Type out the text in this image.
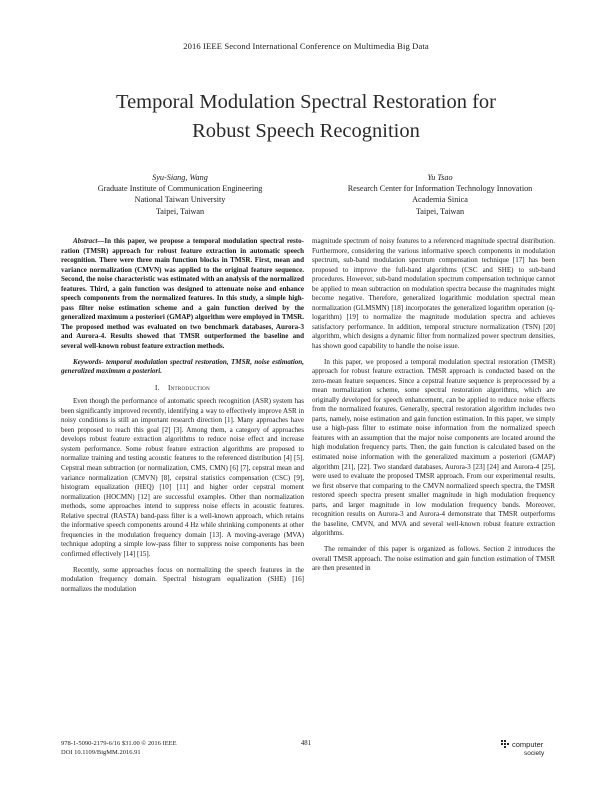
2016 IEEE Second International Conference on Multimedia Big Data
Temporal Modulation Spectral Restoration for
Robust Speech Recognition
Syu-Siang, Wang
Graduate Institute of Communication Engineering
National Taiwan University
Taipei, Taiwan
Yu Tsao
Research Center for Information Technology Innovation
Academia Sinica
Taipei, Taiwan

Abstract—In this paper, we propose a temporal modulation spectral resto-ration (TMSR) approach for robust feature extraction in automatic speech recognition. There were three main function blocks in TMSR. First, mean and variance normalization (CMVN) was applied to the original feature sequence. Second, the noise characteristic was estimated with an analysis of the normalized features. Third, a gain function was designed to attenuate noise and enhance speech components from the normalized features. In this study, a simple high-pass filter noise estimation scheme and a gain function derived by the generalized maximum a posteriori (GMAP) algorithm were employed in TMSR. The proposed method was evaluated on two benchmark databases, Aurora-3 and Aurora-4. Results showed that TMSR outperformed the baseline and several well-known robust feature extraction methods.

Keywords- temporal modulation spectral restoration, TMSR, noise estimation, generalized maximum a posteriori.

I. Introduction

Even though the performance of automatic speech recognition (ASR) system has been significantly improved recently, identifying a way to effectively improve ASR in noisy conditions is still an important research direction [1]. Many approaches have been proposed to reach this goal [2] [3]. Among them, a category of approaches develops robust feature extraction algorithms to reduce noise effect and increase system performance. Some robust feature extraction algorithms are proposed to normalize training and testing acoustic features to the referenced distribution [4] [5]. Cepstral mean subtraction (or normalization, CMS, CMN) [6] [7], cepstral mean and variance normalization (CMVN) [8], cepstral statistics compensation (CSC) [9], histogram equalization (HEQ) [10] [11] and higher order cepstral moment normalization (HOCMN) [12] are successful examples. Other than normalization methods, some approaches intend to suppress noise effects in acoustic features. Relative spectral (RASTA) band-pass filter is a well-known approach, which retains the informative speech components around 4 Hz while shrinking components at other frequencies in the modulation frequency domain [13]. A moving-average (MVA) technique adopting a simple low-pass filter to suppress noise components has been confirmed effectively [14] [15].

Recently, some approaches focus on normalizing the speech features in the modulation frequency domain. Spectral histogram equalization (SHE) [16] normalizes the modulation

magnitude spectrum of noisy features to a referenced magnitude spectral distribution. Furthermore, considering the various informative speech components in modulation spectrum, sub-band modulation spectrum compensation technique [17] has been proposed to improve the full-band algorithms (CSC and SHE) to sub-band procedures. However, sub-band modulation spectrum compensation technique cannot be applied to mean subtraction on modulation spectra because the magnitudes might become negative. Therefore, generalized logarithmic modulation spectral mean normalization (GLMSMN) [18] incorporates the generalized logarithm operation (q-logarithm) [19] to normalize the magnitude modulation spectra and achieves satisfactory performance. In addition, temporal structure normalization (TSN) [20] algorithm, which designs a dynamic filter from normalized power spectrum densities, has shown good capability to handle the noise issue.

In this paper, we proposed a temporal modulation spectral restoration (TMSR) approach for robust feature extraction. TMSR approach is conducted based on the zero-mean feature sequences. Since a cepstral feature sequence is preprocessed by a mean normalization scheme, some spectral restoration algorithms, which are originally developed for speech enhancement, can be applied to reduce noise effects from the normalized features. Generally, spectral restoration algorithm includes two parts, namely, noise estimation and gain function estimation. In this paper, we simply use a high-pass filter to estimate noise information from the normalized speech features with an assumption that the major noise components are located around the high modulation frequency parts. Then, the gain function is calculated based on the estimated noise information with the generalized maximum a posteriori (GMAP) algorithm [21], [22]. Two standard databases, Aurora-3 [23] [24] and Aurora-4 [25], were used to evaluate the proposed TMSR approach. From our experimental results, we first observe that comparing to the CMVN normalized speech spectra, the TMSR restored speech spectra present smaller magnitude in high modulation frequency parts, and larger magnitude in low modulation frequency bands. Moreover, recognition results on Aurora-3 and Aurora-4 demonstrate that TMSR outperforms the baseline, CMVN, and MVA and several well-known robust feature extraction algorithms.

The remainder of this paper is organized as follows. Section 2 introduces the overall TMSR approach. The noise estimation and gain function estimation of TMSR are then presented in

978-1-5090-2179-6/16 $31.00 © 2016 IEEE
DOI 10.1109/BigMM.2016.91
481	computer
society
